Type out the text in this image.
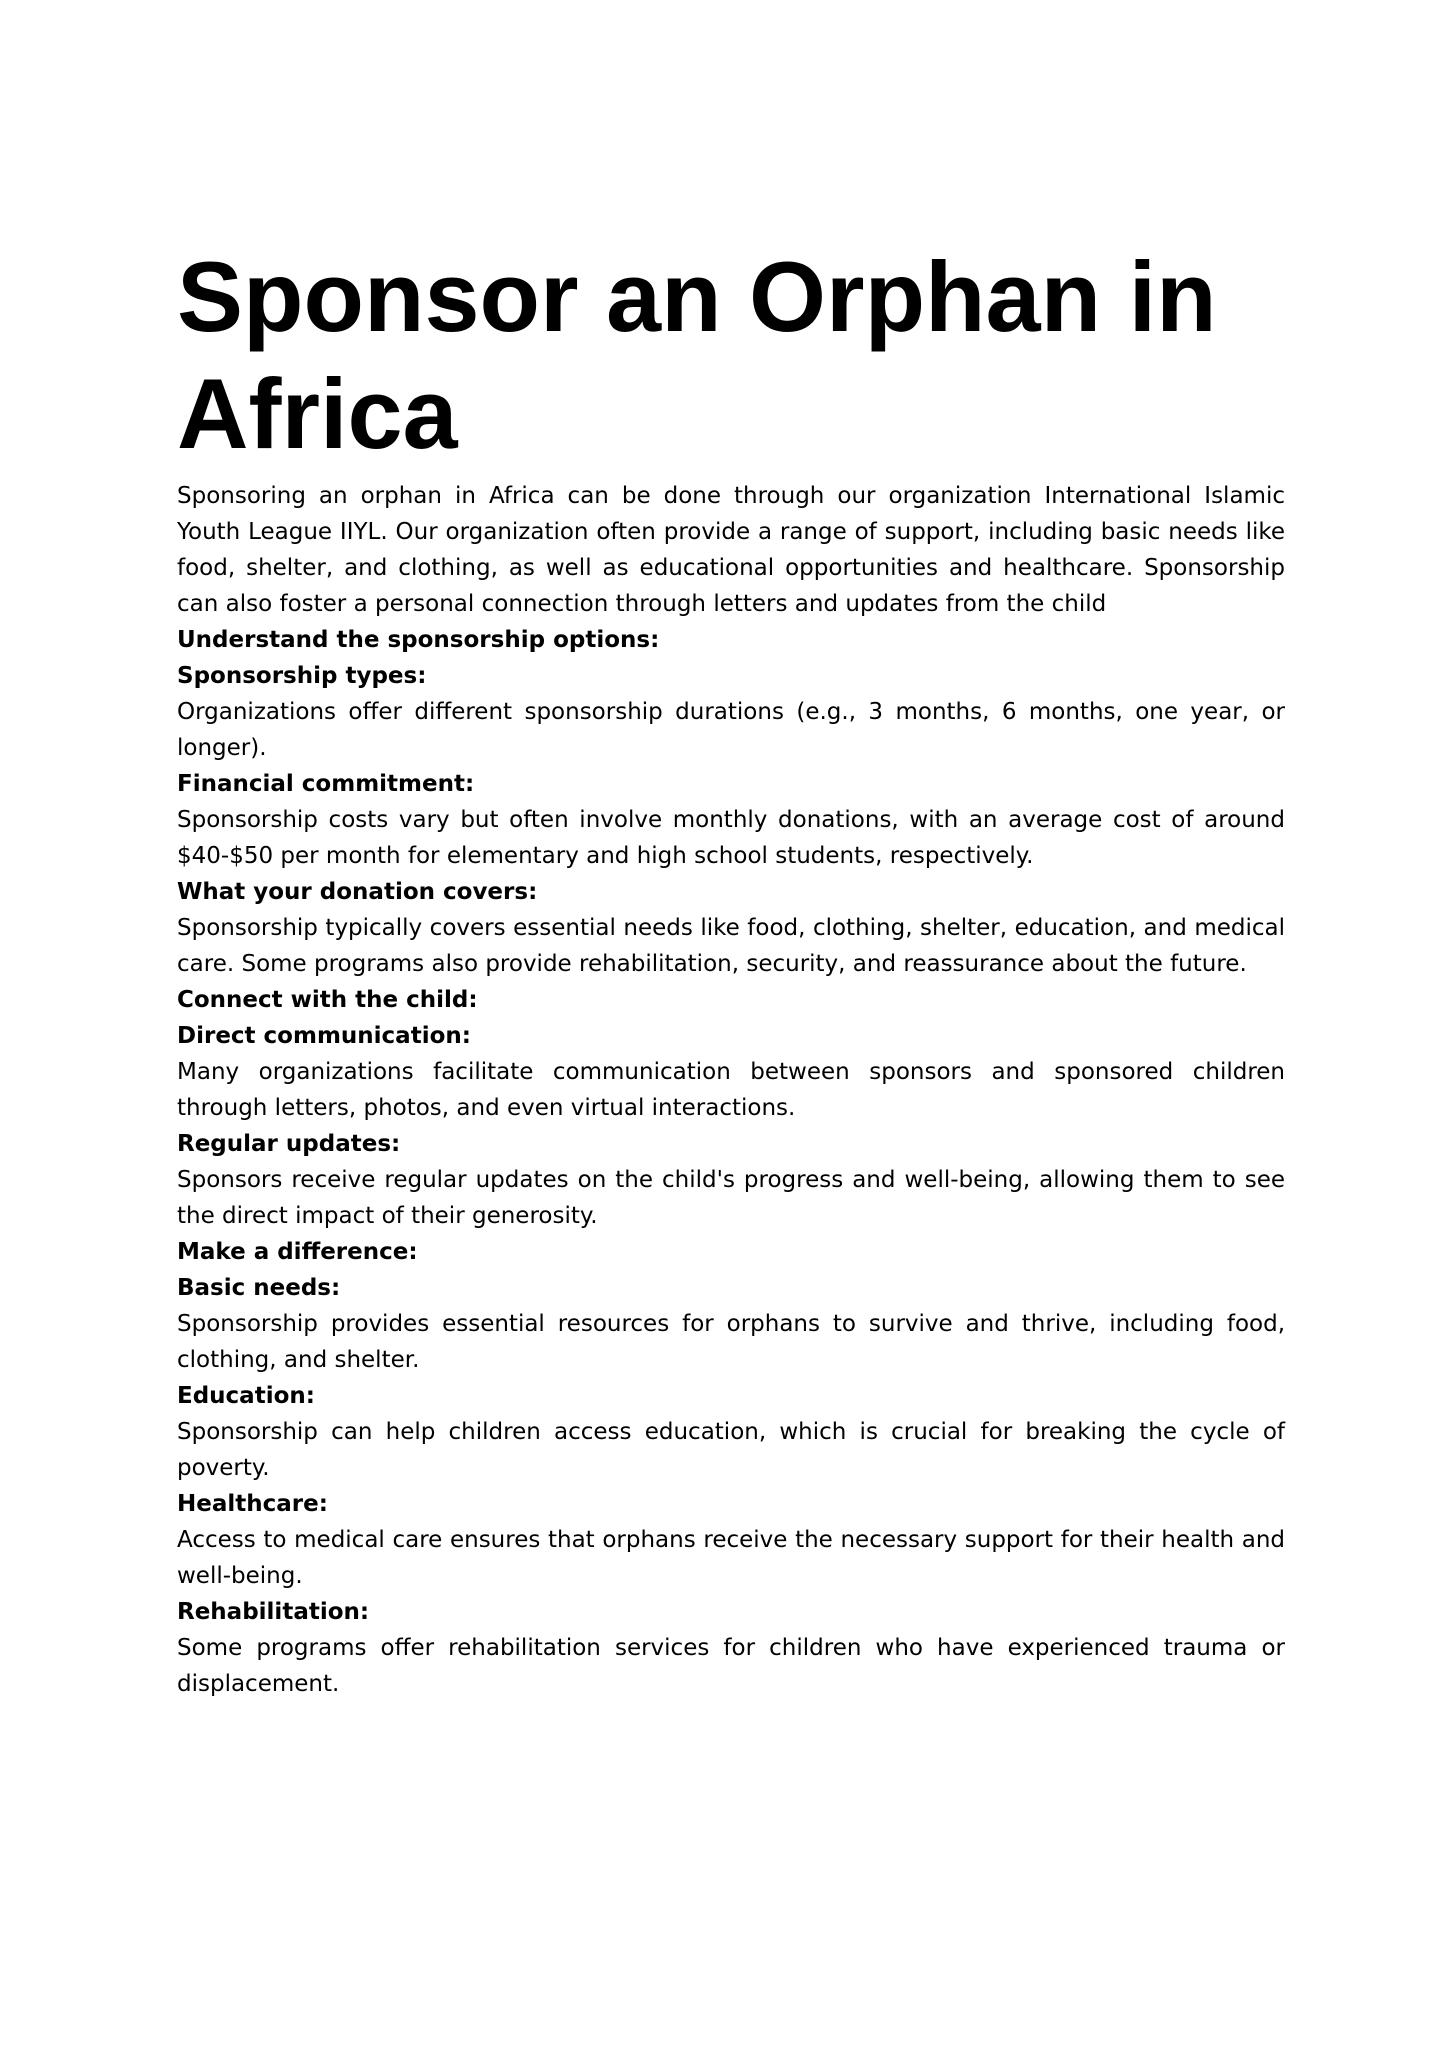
Sponsor an Orphan in Africa

Sponsoring an orphan in Africa can be done through our organization International Islamic Youth League IIYL. Our organization often provide a range of support, including basic needs like food, shelter, and clothing, as well as educational opportunities and healthcare. Sponsorship can also foster a personal connection through letters and updates from the child

Understand the sponsorship options:

Sponsorship types:

Organizations offer different sponsorship durations (e.g., 3 months, 6 months, one year, or longer).

Financial commitment:

Sponsorship costs vary but often involve monthly donations, with an average cost of around $40-$50 per month for elementary and high school students, respectively.

What your donation covers:

Sponsorship typically covers essential needs like food, clothing, shelter, education, and medical care. Some programs also provide rehabilitation, security, and reassurance about the future.

Connect with the child:

Direct communication:

Many organizations facilitate communication between sponsors and sponsored children through letters, photos, and even virtual interactions.

Regular updates:

Sponsors receive regular updates on the child's progress and well-being, allowing them to see the direct impact of their generosity.

Make a difference:

Basic needs:

Sponsorship provides essential resources for orphans to survive and thrive, including food, clothing, and shelter.

Education:

Sponsorship can help children access education, which is crucial for breaking the cycle of poverty.

Healthcare:

Access to medical care ensures that orphans receive the necessary support for their health and well-being.

Rehabilitation:

Some programs offer rehabilitation services for children who have experienced trauma or displacement.
